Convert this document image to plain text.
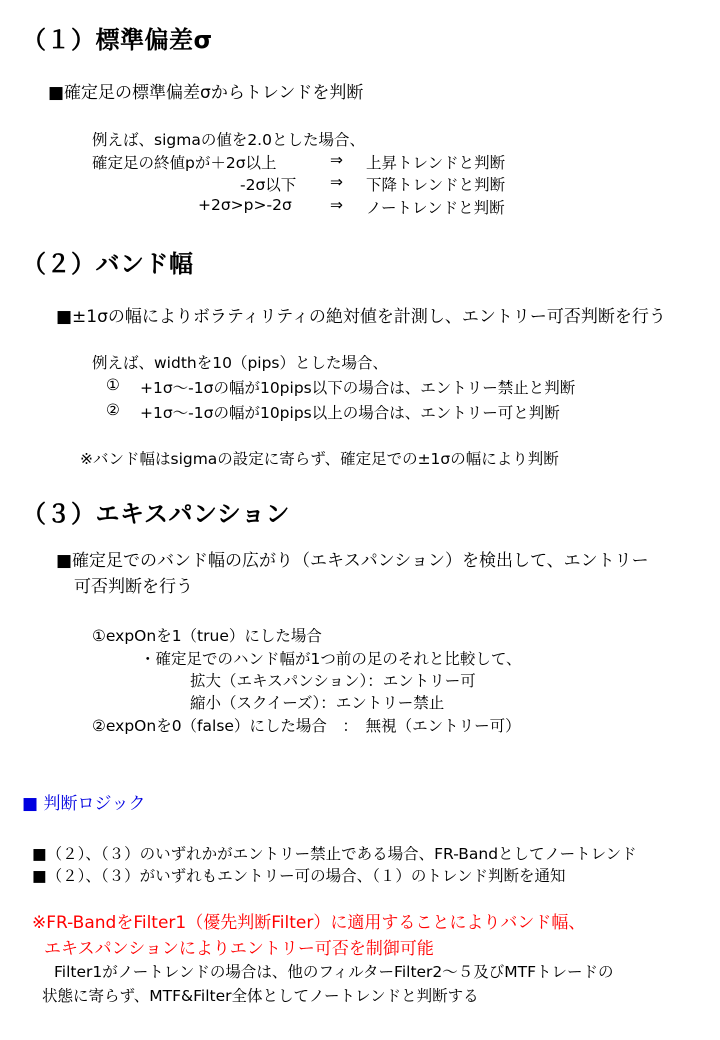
（１）標準偏差σ
■確定足の標準偏差σからトレンドを判断
例えば、sigmaの値を2.0とした場合、
確定足の終値pが＋2σ以上	⇒ 上昇トレンドと判断
-2σ以下 ⇒ 下降トレンドと判断
+2σ>p>-2σ ⇒ ノートレンドと判断
（２）バンド幅
■±1σの幅によりボラティリティの絶対値を計測し、エントリー可否判断を行う
例えば、widthを10（pips）とした場合、
① +1σ～-1σの幅が10pips以下の場合は、エントリー禁止と判断
② +1σ～-1σの幅が10pips以上の場合は、エントリー可と判断
※バンド幅はsigmaの設定に寄らず、確定足での±1σの幅により判断
（３）エキスパンション
■確定足でのバンド幅の広がり（エキスパンション）を検出して、エントリー
可否判断を行う
①expOnを1（true）にした場合
・確定足でのハンド幅が1つ前の足のそれと比較して、
拡大（エキスパンション）：エントリー可
縮小（スクイーズ）：エントリー禁止
②expOnを0（false）にした場合　：　無視（エントリー可）
■ 判断ロジック
■（２）、（３）のいずれかがエントリー禁止である場合、FR-Bandとしてノートレンド
■（２）、（３）がいずれもエントリー可の場合、（１）のトレンド判断を通知
※FR-BandをFilter1（優先判断Filter）に適用することによりバンド幅、
エキスパンションによりエントリー可否を制御可能
Filter1がノートレンドの場合は、他のフィルターFilter2～５及びMTFトレードの
状態に寄らず、MTF&Filter全体としてノートレンドと判断する
